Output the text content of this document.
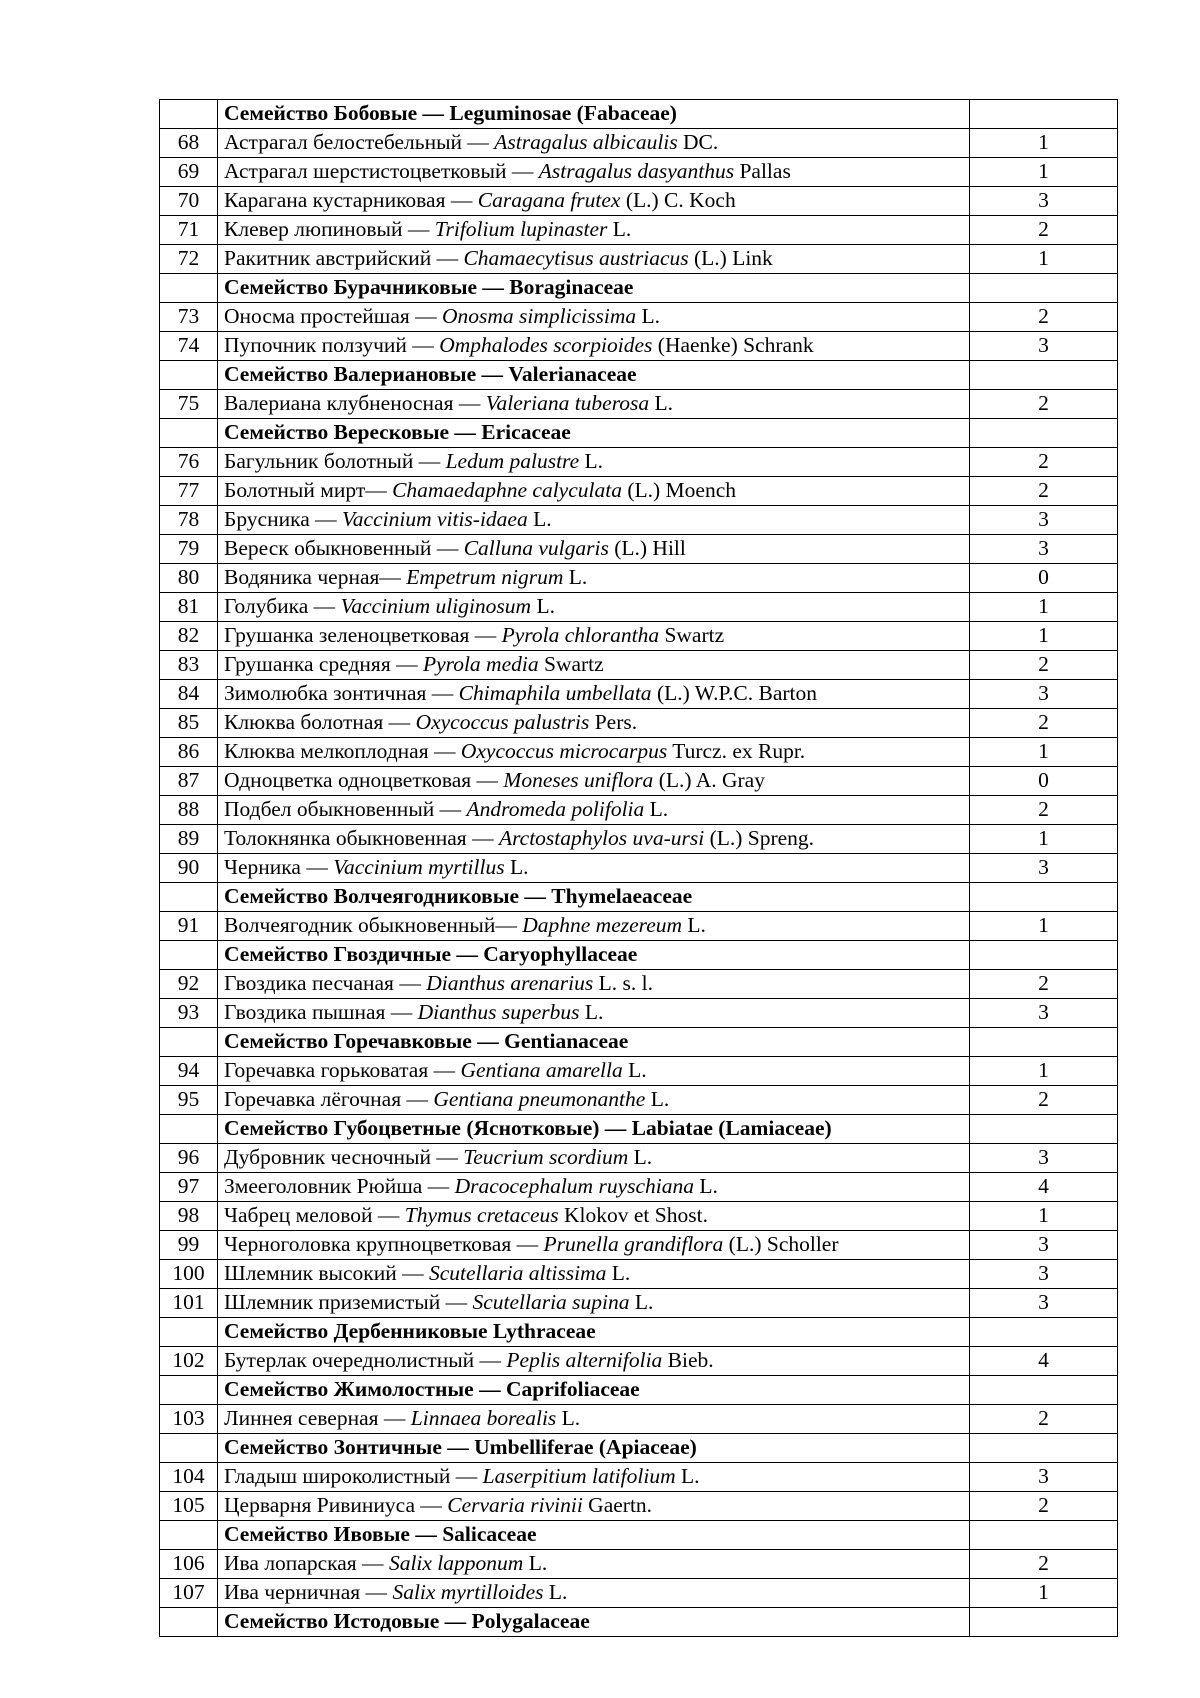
	Семейство Бобовые — Leguminosae (Fabaceae)	
68	Астрагал белостебельный — Astragalus albicaulis DC.	1
69	Астрагал шерстистоцветковый — Astragalus dasyanthus Pallas	1
70	Карагана кустарниковая — Caragana frutex (L.) C. Koch	3
71	Клевер люпиновый — Trifolium lupinaster L.	2
72	Ракитник австрийский — Chamaecytisus austriacus (L.) Link	1
	Семейство Бурачниковые — Boraginaceae	
73	Оносма простейшая — Onosma simplicissima L.	2
74	Пупочник ползучий — Omphalodes scorpioides (Haenke) Schrank	3
	Семейство Валериановые — Valerianaceae	
75	Валериана клубненосная — Valeriana tuberosa L.	2
	Семейство Вересковые — Ericaceae	
76	Багульник болотный — Ledum palustre L.	2
77	Болотный мирт— Chamaedaphne calyculata (L.) Moench	2
78	Брусника — Vaccinium vitis-idaea L.	3
79	Вереск обыкновенный — Calluna vulgaris (L.) Hill	3
80	Водяника черная— Empetrum nigrum L.	0
81	Голубика — Vaccinium uliginosum L.	1
82	Грушанка зеленоцветковая — Pyrola chlorantha Swartz	1
83	Грушанка средняя — Pyrola media Swartz	2
84	Зимолюбка зонтичная — Chimaphila umbellata (L.) W.P.C. Barton	3
85	Клюква болотная — Oxycoccus palustris Pers.	2
86	Клюква мелкоплодная — Oxycoccus microcarpus Turcz. ex Rupr.	1
87	Одноцветка одноцветковая — Moneses uniflora (L.) A. Gray	0
88	Подбел обыкновенный — Andromeda polifolia L.	2
89	Толокнянка обыкновенная — Arctostaphylos uva-ursi (L.) Spreng.	1
90	Черника — Vaccinium myrtillus L.	3
	Семейство Волчеягодниковые — Thymelaeaceae	
91	Волчеягодник обыкновенный— Daphne mezereum L.	1
	Семейство Гвоздичные — Caryophyllaceae	
92	Гвоздика песчаная — Dianthus arenarius L. s. l.	2
93	Гвоздика пышная — Dianthus superbus L.	3
	Семейство Горечавковые — Gentianaceae	
94	Горечавка горьковатая — Gentiana amarella L.	1
95	Горечавка лёгочная — Gentiana pneumonanthe L.	2
	Семейство Губоцветные (Яснотковые) — Labiatae (Lamiaceae)	
96	Дубровник чесночный — Teucrium scordium L.	3
97	Змееголовник Рюйша — Dracocephalum ruyschiana L.	4
98	Чабрец меловой — Thymus cretaceus Klokov et Shost.	1
99	Черноголовка крупноцветковая — Prunella grandiflora (L.) Scholler	3
100	Шлемник высокий — Scutellaria altissima L.	3
101	Шлемник приземистый — Scutellaria supina L.	3
	Семейство Дербенниковые Lythraceae	
102	Бутерлак очереднолистный — Peplis alternifolia Bieb.	4
	Семейство Жимолостные — Caprifoliaceae	
103	Линнея северная — Linnaea borealis L.	2
	Семейство Зонтичные — Umbelliferae (Apiaceae)	
104	Гладыш широколистный — Laserpitium latifolium L.	3
105	Церварня Ривиниуса — Cervaria rivinii Gaertn.	2
	Семейство Ивовые — Salicaceae	
106	Ива лопарская — Salix lapponum L.	2
107	Ива черничная — Salix myrtilloides L.	1
	Семейство Истодовые — Polygalaceae	
